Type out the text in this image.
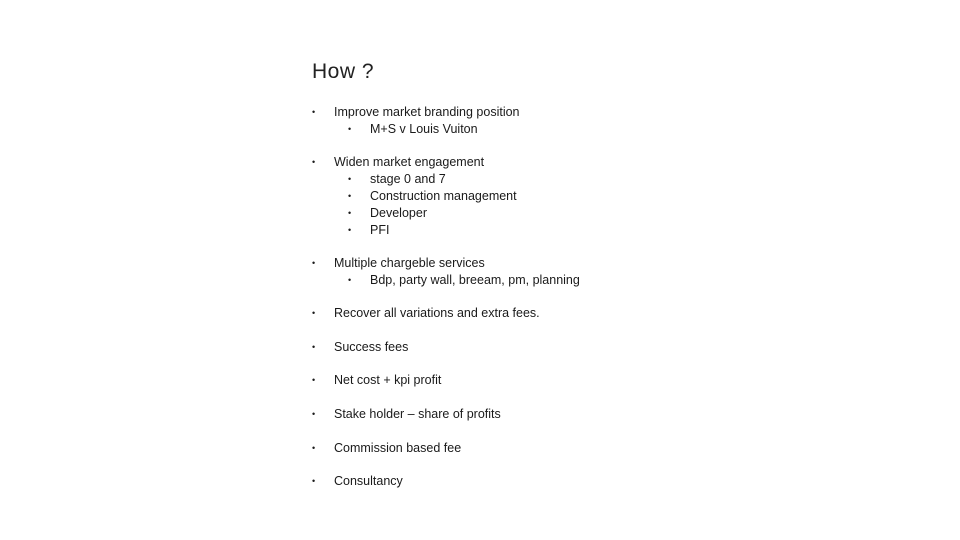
How ?
• Improve market branding position
• M+S v Louis Vuiton
• Widen market engagement
• stage 0 and 7
• Construction management
• Developer
• PFI
• Multiple chargeble services
• Bdp, party wall, breeam, pm, planning
• Recover all variations and extra fees.
• Success fees
• Net cost + kpi profit
• Stake holder – share of profits
• Commission based fee
• Consultancy
